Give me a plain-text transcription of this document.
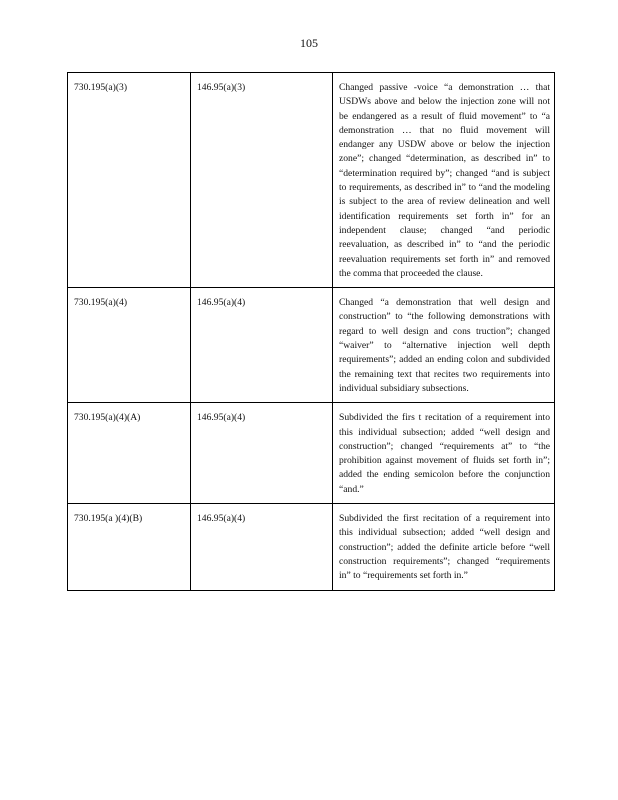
105
730.195(a)(3)	146.95(a)(3)	Changed passive -voice “a demonstration … that USDWs above and below the injection zone will not be endangered as a result of fluid movement” to “a demonstration … that no fluid movement will endanger any USDW above or below the injection zone”; changed “determination, as described in” to “determination required by”; changed “and is subject to requirements, as described in” to “and the modeling is subject to the area of review delineation and well identification requirements set forth in” for an independent clause; changed “and periodic reevaluation, as described in” to “and the periodic reevaluation requirements set forth in” and removed the comma that proceeded the clause.
730.195(a)(4)	146.95(a)(4)	Changed “a demonstration that well design and construction” to “the following demonstrations with regard to well design and cons truction”; changed “waiver” to “alternative injection well depth requirements”; added an ending colon and subdivided the remaining text that recites two requirements into individual subsidiary subsections.
730.195(a)(4)(A)	146.95(a)(4)	Subdivided the firs t recitation of a requirement into this individual subsection; added “well design and construction”; changed “requirements at” to “the prohibition against movement of fluids set forth in”; added the ending semicolon before the conjunction “and.”
730.195(a )(4)(B)	146.95(a)(4)	Subdivided the first recitation of a requirement into this individual subsection; added “well design and construction”; added the definite article before “well construction requirements”; changed “requirements in” to “requirements set forth in.”
